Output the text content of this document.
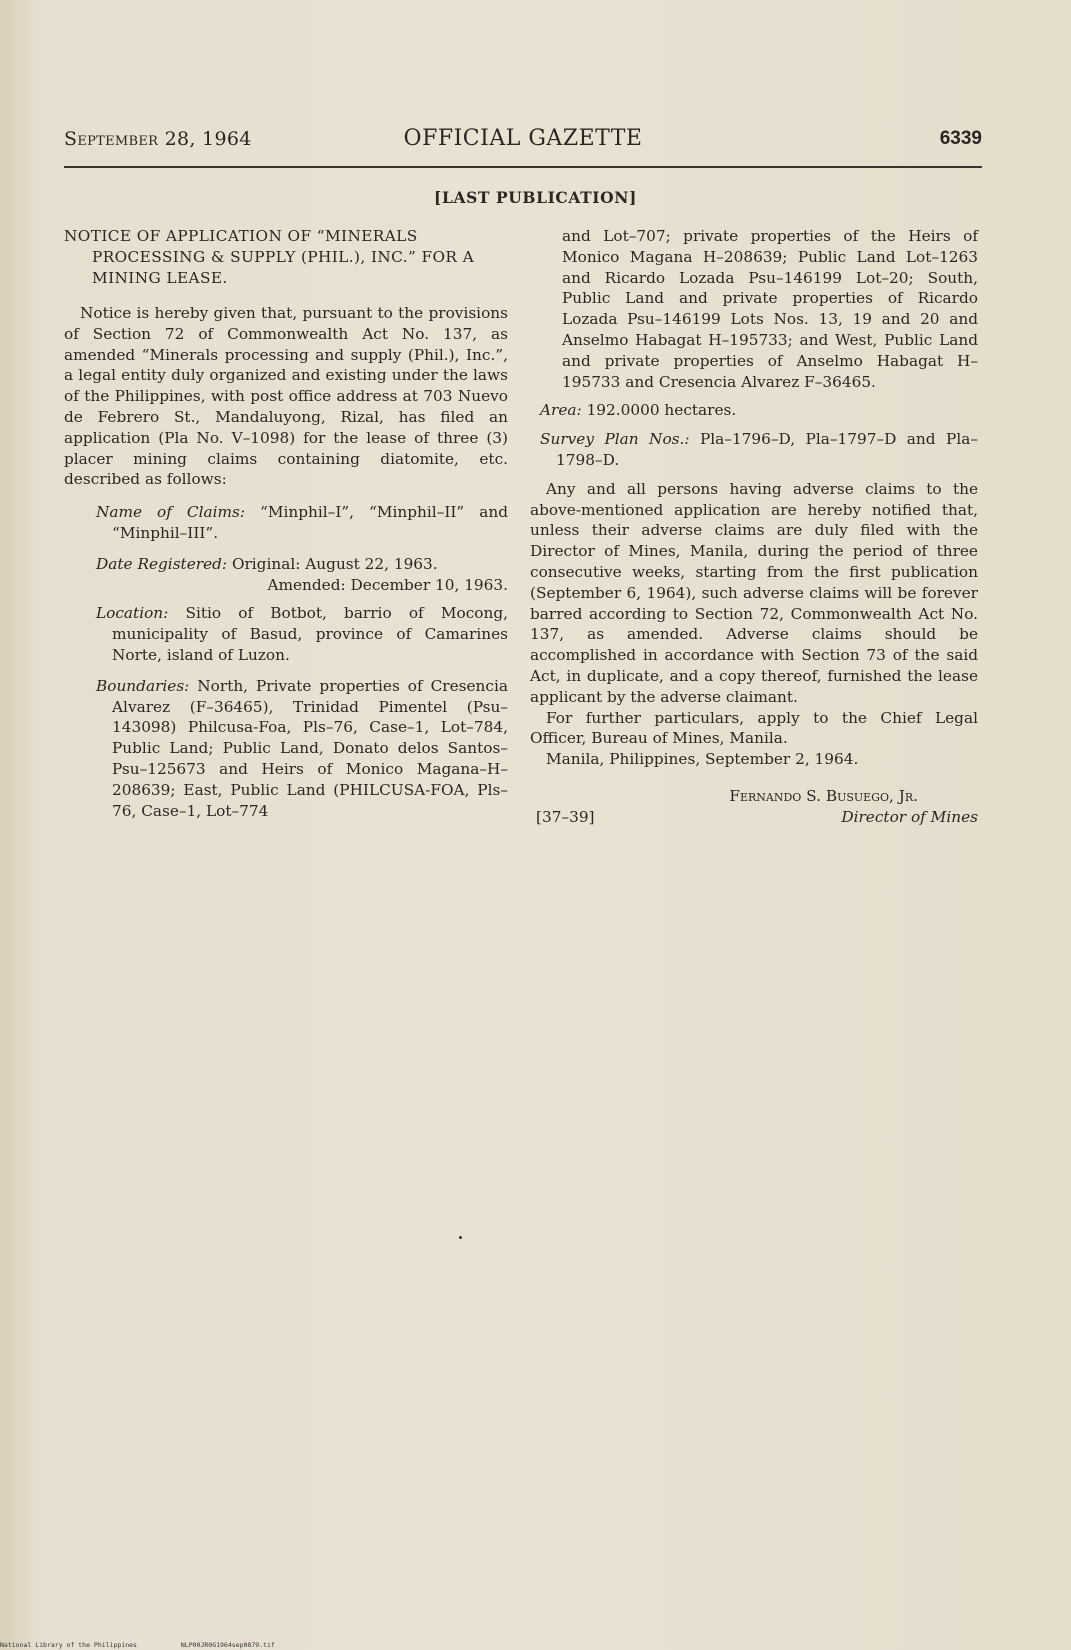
September 28, 1964	OFFICIAL GAZETTE	6339
[LAST PUBLICATION]

NOTICE OF APPLICATION OF “MINERALS PROCESSING & SUPPLY (PHIL.), INC.” FOR A MINING LEASE.

Notice is hereby given that, pursuant to the provisions of Section 72 of Commonwealth Act No. 137, as amended “Minerals processing and supply (Phil.), Inc.”, a legal entity duly organized and existing under the laws of the Philippines, with post office address at 703 Nuevo de Febrero St., Mandaluyong, Rizal, has filed an application (Pla No. V–1098) for the lease of three (3) placer mining claims containing diatomite, etc. described as follows:

Name of Claims: “Minphil–I”, “Minphil–II” and “Minphil–III”.

Date Registered: Original: August 22, 1963.
Amended: December 10, 1963.

Location: Sitio of Botbot, barrio of Mocong, municipality of Basud, province of Camarines Norte, island of Luzon.

Boundaries: North, Private properties of Cresencia Alvarez (F–36465), Trinidad Pimentel (Psu–143098) Philcusa-Foa, Pls–76, Case–1, Lot–784, Public Land; Public Land, Donato delos Santos–Psu–125673 and Heirs of Monico Magana–H–208639; East, Public Land (PHILCUSA-FOA, Pls–76, Case–1, Lot–774

and Lot–707; private properties of the Heirs of Monico Magana H–208639; Public Land Lot–1263 and Ricardo Lozada Psu–146199 Lot–20; South, Public Land and private properties of Ricardo Lozada Psu–146199 Lots Nos. 13, 19 and 20 and Anselmo Habagat H–195733; and West, Public Land and private properties of Anselmo Habagat H–195733 and Cresencia Alvarez F–36465.

Area: 192.0000 hectares.

Survey Plan Nos.: Pla–1796–D, Pla–1797–D and Pla–1798–D.

Any and all persons having adverse claims to the above-mentioned application are hereby notified that, unless their adverse claims are duly filed with the Director of Mines, Manila, during the period of three consecutive weeks, starting from the first publication (September 6, 1964), such adverse claims will be forever barred according to Section 72, Commonwealth Act No. 137, as amended. Adverse claims should be accomplished in accordance with Section 73 of the said Act, in duplicate, and a copy thereof, furnished the lease applicant by the adverse claimant.

For further particulars, apply to the Chief Legal Officer, Bureau of Mines, Manila.

Manila, Philippines, September 2, 1964.

Fernando S. Busuego, Jr.

[37–39]	Director of Mines
National Library of the Philippines	NLP00JR0G1964sep0879.tif
